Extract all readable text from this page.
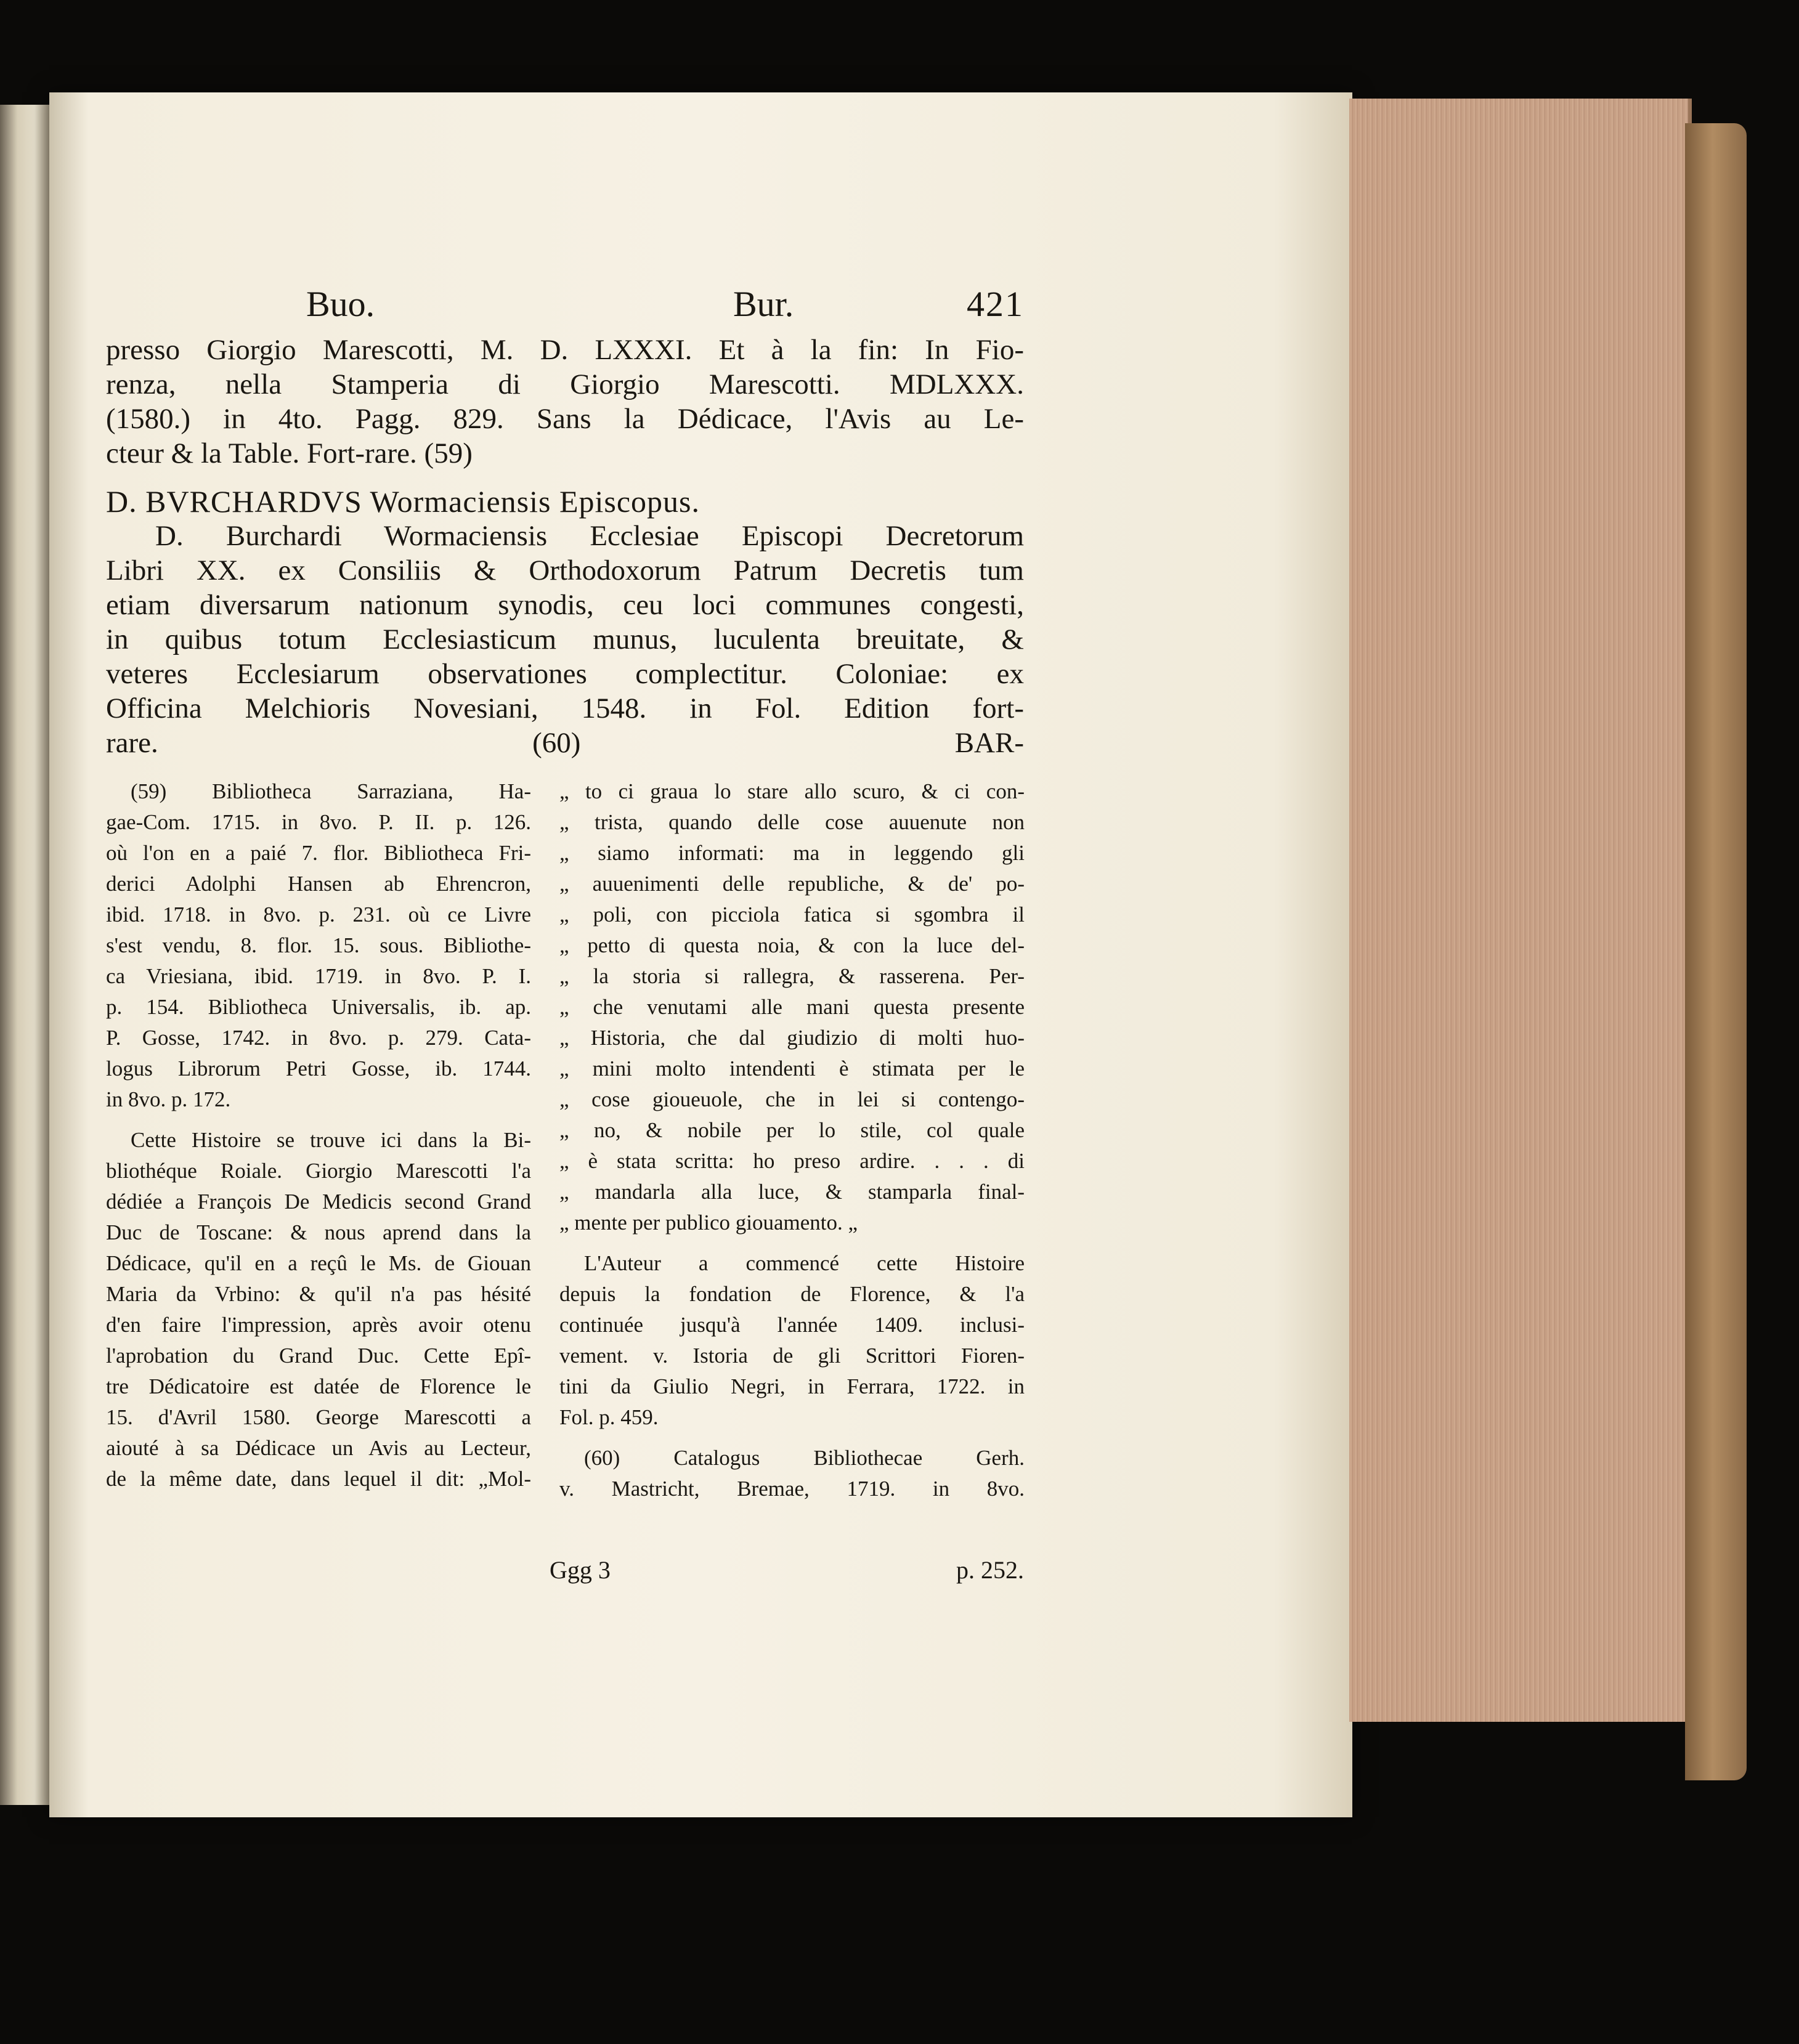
Buo.	Bur.	421
presso Giorgio Marescotti, M. D. LXXXI. Et à la fin: In Fio-
renza, nella Stamperia di Giorgio Marescotti. MDLXXX.
(1580.) in 4to. Pagg. 829. Sans la Dédicace, l'Avis au Le-
ctеur & la Table. Fort-rare. (59)
D. BVRCHARDVS Wormaciensis Episcopus.
D. Burchardi Wormaciensis Ecclesiae Episcopi Decretorum
Libri XX. ex Consiliis & Orthodoxorum Patrum Decretis tum
etiam diversarum nationum synodis, ceu loci communes congesti,
in quibus totum Ecclesiasticum munus, luculenta breuitate, &
veteres Ecclesiarum observationes complectitur. Coloniae: ex
Officina Melchioris Novesiani, 1548. in Fol. Edition fort-
rare. (60) BAR-
(59) Bibliotheca Sarraziana, Ha-
gae-Com. 1715. in 8vo. P. II. p. 126.
où l'on en a paié 7. flor. Bibliotheca Fri-
derici Adolphi Hansen ab Ehrencron,
ibid. 1718. in 8vo. p. 231. où ce Livre
s'est vendu, 8. flor. 15. sous. Bibliothe-
ca Vriesiana, ibid. 1719. in 8vo. P. I.
p. 154. Bibliotheca Universalis, ib. ap.
P. Gosse, 1742. in 8vo. p. 279. Cata-
logus Librorum Petri Gosse, ib. 1744.
in 8vo. p. 172.
Cette Histoire se trouve ici dans la Bi-
bliothéque Roiale. Giorgio Marescotti l'a
dédiée a François De Medicis second Grand
Duc de Toscane: & nous aprend dans la
Dédicace, qu'il en a reçû le Ms. de Giouan
Maria da Vrbino: & qu'il n'a pas hésité
d'en faire l'impression, après avoir otenu
l'aprobation du Grand Duc. Cette Epî-
tre Dédicatoire est datée de Florence le
15. d'Avril 1580. George Marescotti a
aiouté à sa Dédicace un Avis au Lecteur,
de la même date, dans lequel il dit: „Mol-
„ to ci graua lo stare allo scuro, & ci con-
„ trista, quando delle cose auuenute non
„ siamo informati: ma in leggendo gli
„ auuenimenti delle republiche, & de' po-
„ poli, con picciola fatica si sgombra il
„ petto di questa noia, & con la luce del-
„ la storia si rallegra, & rasserena. Per-
„ che venutami alle mani questa presente
„ Historia, che dal giudizio di molti huo-
„ mini molto intendenti è stimata per le
„ cose gioueuole, che in lei si contengo-
„ no, & nobile per lo stile, col quale
„ è stata scritta: ho preso ardire. . . . di
„ mandarla alla luce, & stamparla final-
„ mente per publico giouamento. „
L'Auteur a commencé cette Histoire
depuis la fondation de Florence, & l'a
continuée jusqu'à l'année 1409. inclusi-
vement. v. Istoria de gli Scrittori Fioren-
tini da Giulio Negri, in Ferrara, 1722. in
Fol. p. 459.
(60) Catalogus Bibliothecae Gerh.
v. Mastricht, Bremae, 1719. in 8vo.
Ggg 3	p. 252.
